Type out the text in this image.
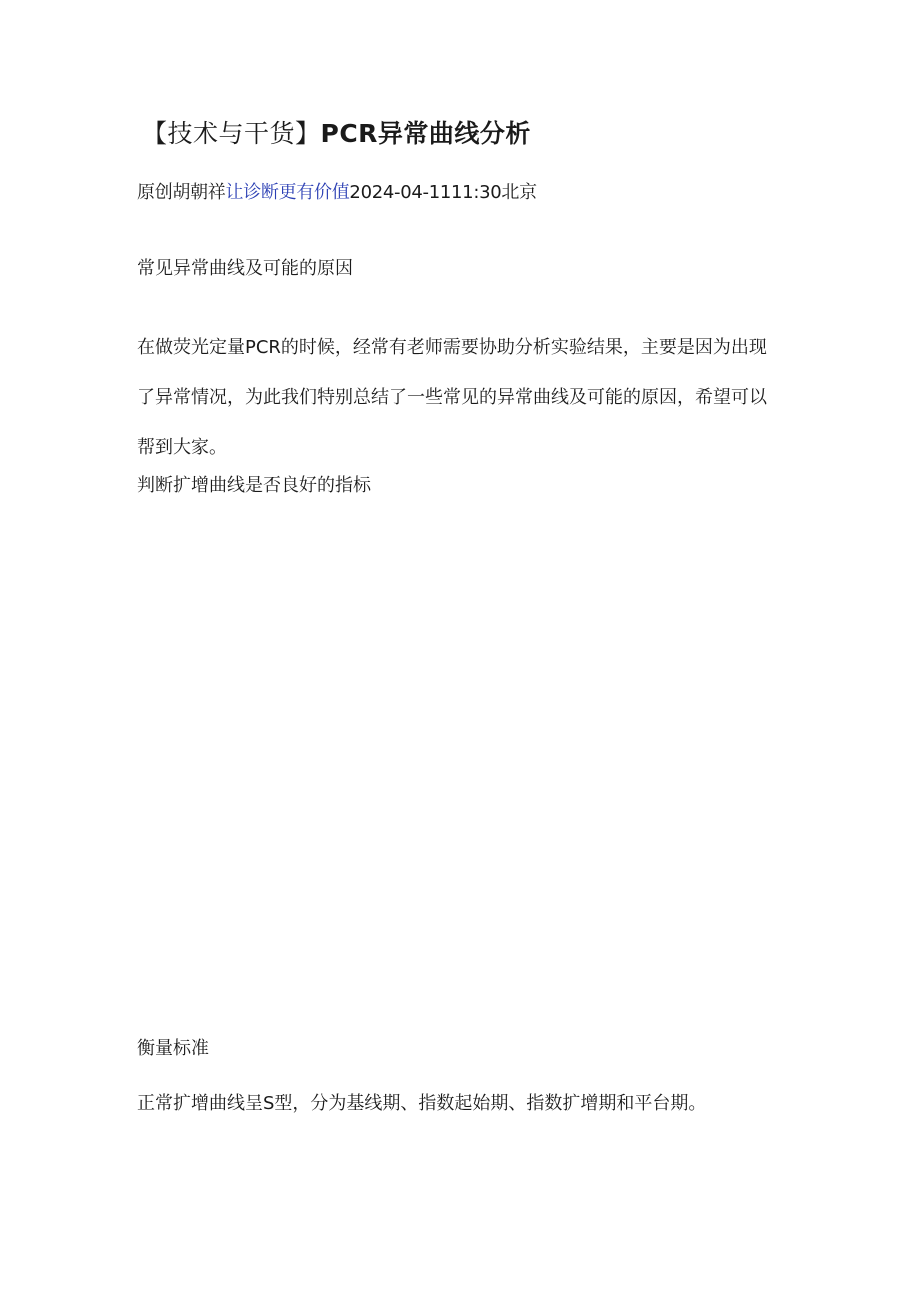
【技术与干货】PCR异常曲线分析
原创胡朝祥让诊断更有价值2024-04-1111:30北京

常见异常曲线及可能的原因

在做荧光定量PCR的时候，经常有老师需要协助分析实验结果，主要是因为出现
了异常情况，为此我们特别总结了一些常见的异常曲线及可能的原因，希望可以
帮到大家。

判断扩增曲线是否良好的指标

衡量标准

正常扩增曲线呈S型，分为基线期、指数起始期、指数扩增期和平台期。
